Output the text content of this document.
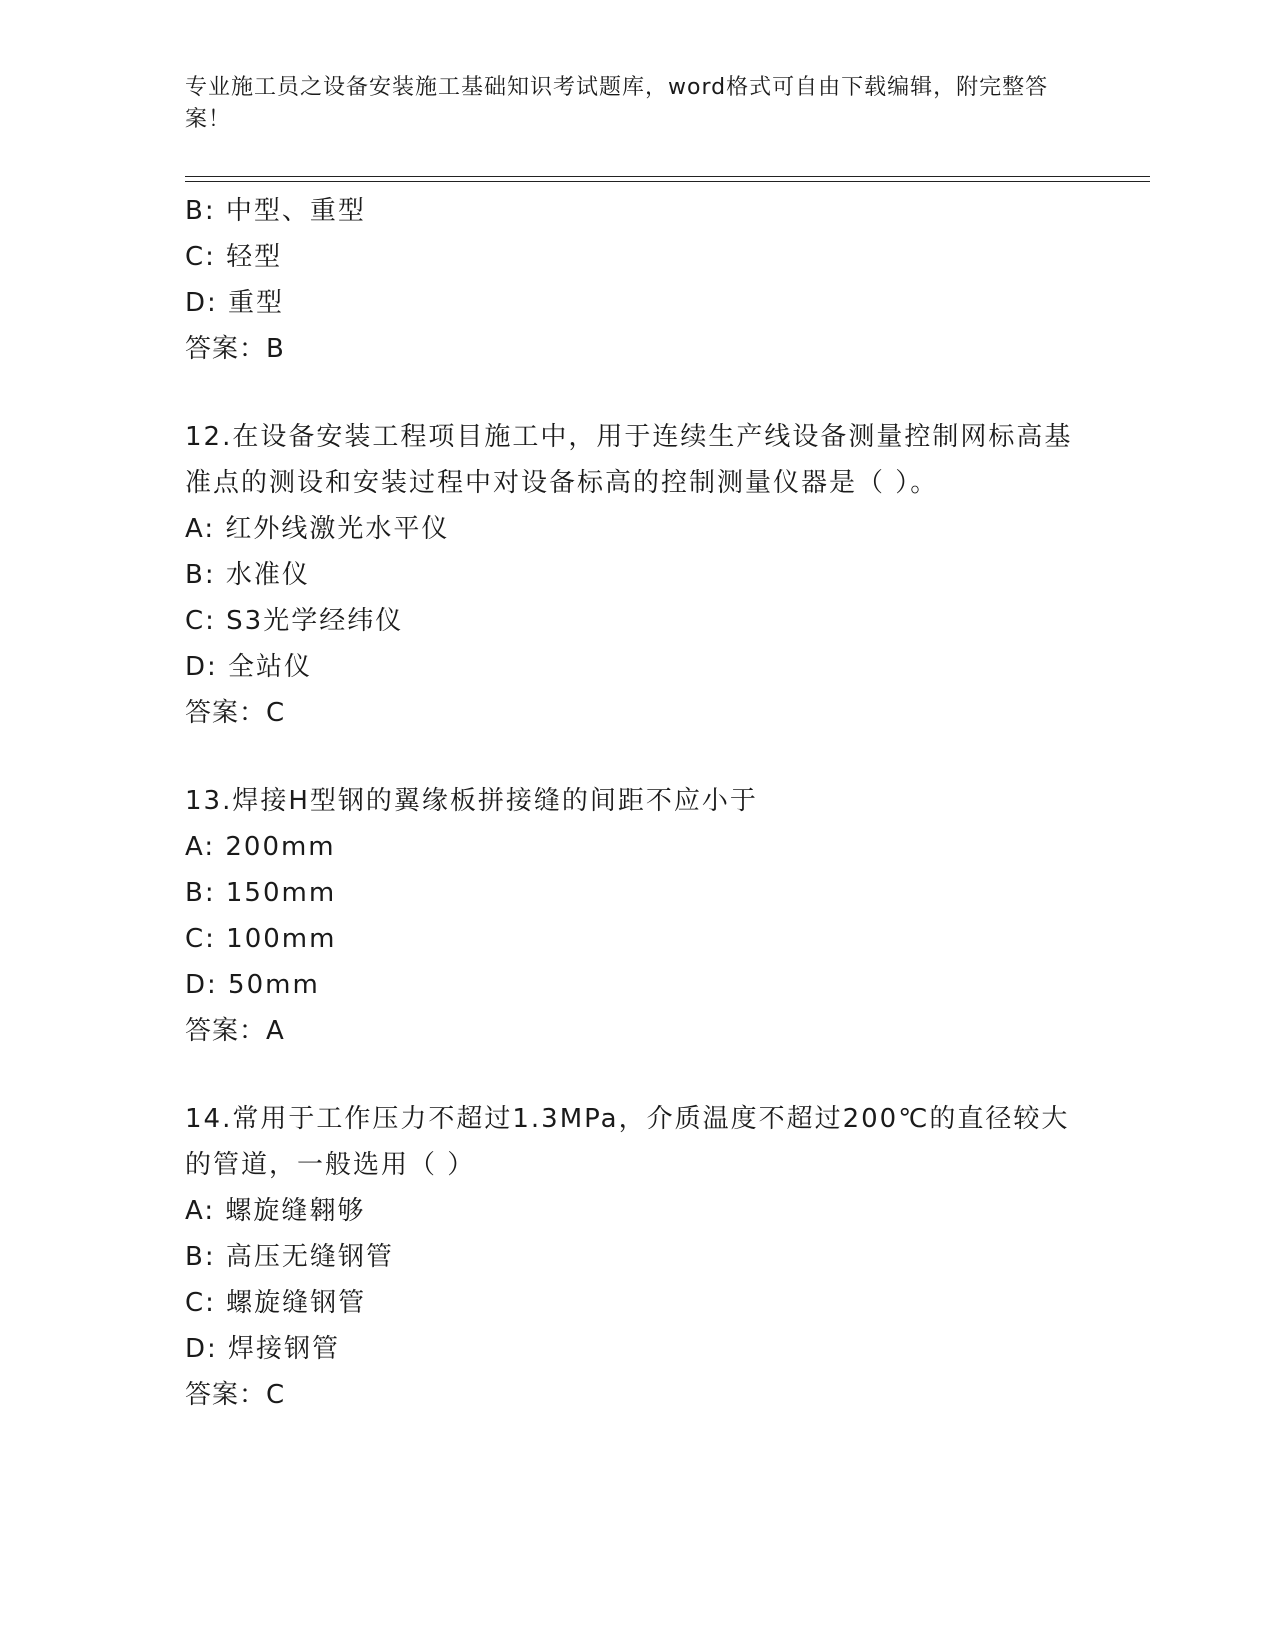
专业施工员之设备安装施工基础知识考试题库，word格式可自由下载编辑，附完整答案！
B: 中型、重型
C: 轻型
D: 重型
答案：B
12.在设备安装工程项目施工中，用于连续生产线设备测量控制网标高基准点的测设和安装过程中对设备标高的控制测量仪器是（ ）。
A: 红外线激光水平仪
B: 水准仪
C: S3光学经纬仪
D: 全站仪
答案：C
13.焊接H型钢的翼缘板拼接缝的间距不应小于
A: 200mm
B: 150mm
C: 100mm
D: 50mm
答案：A
14.常用于工作压力不超过1.3MPa，介质温度不超过200℃的直径较大的管道，一般选用（ ）
A: 螺旋缝翱够
B: 高压无缝钢管
C: 螺旋缝钢管
D: 焊接钢管
答案：C
